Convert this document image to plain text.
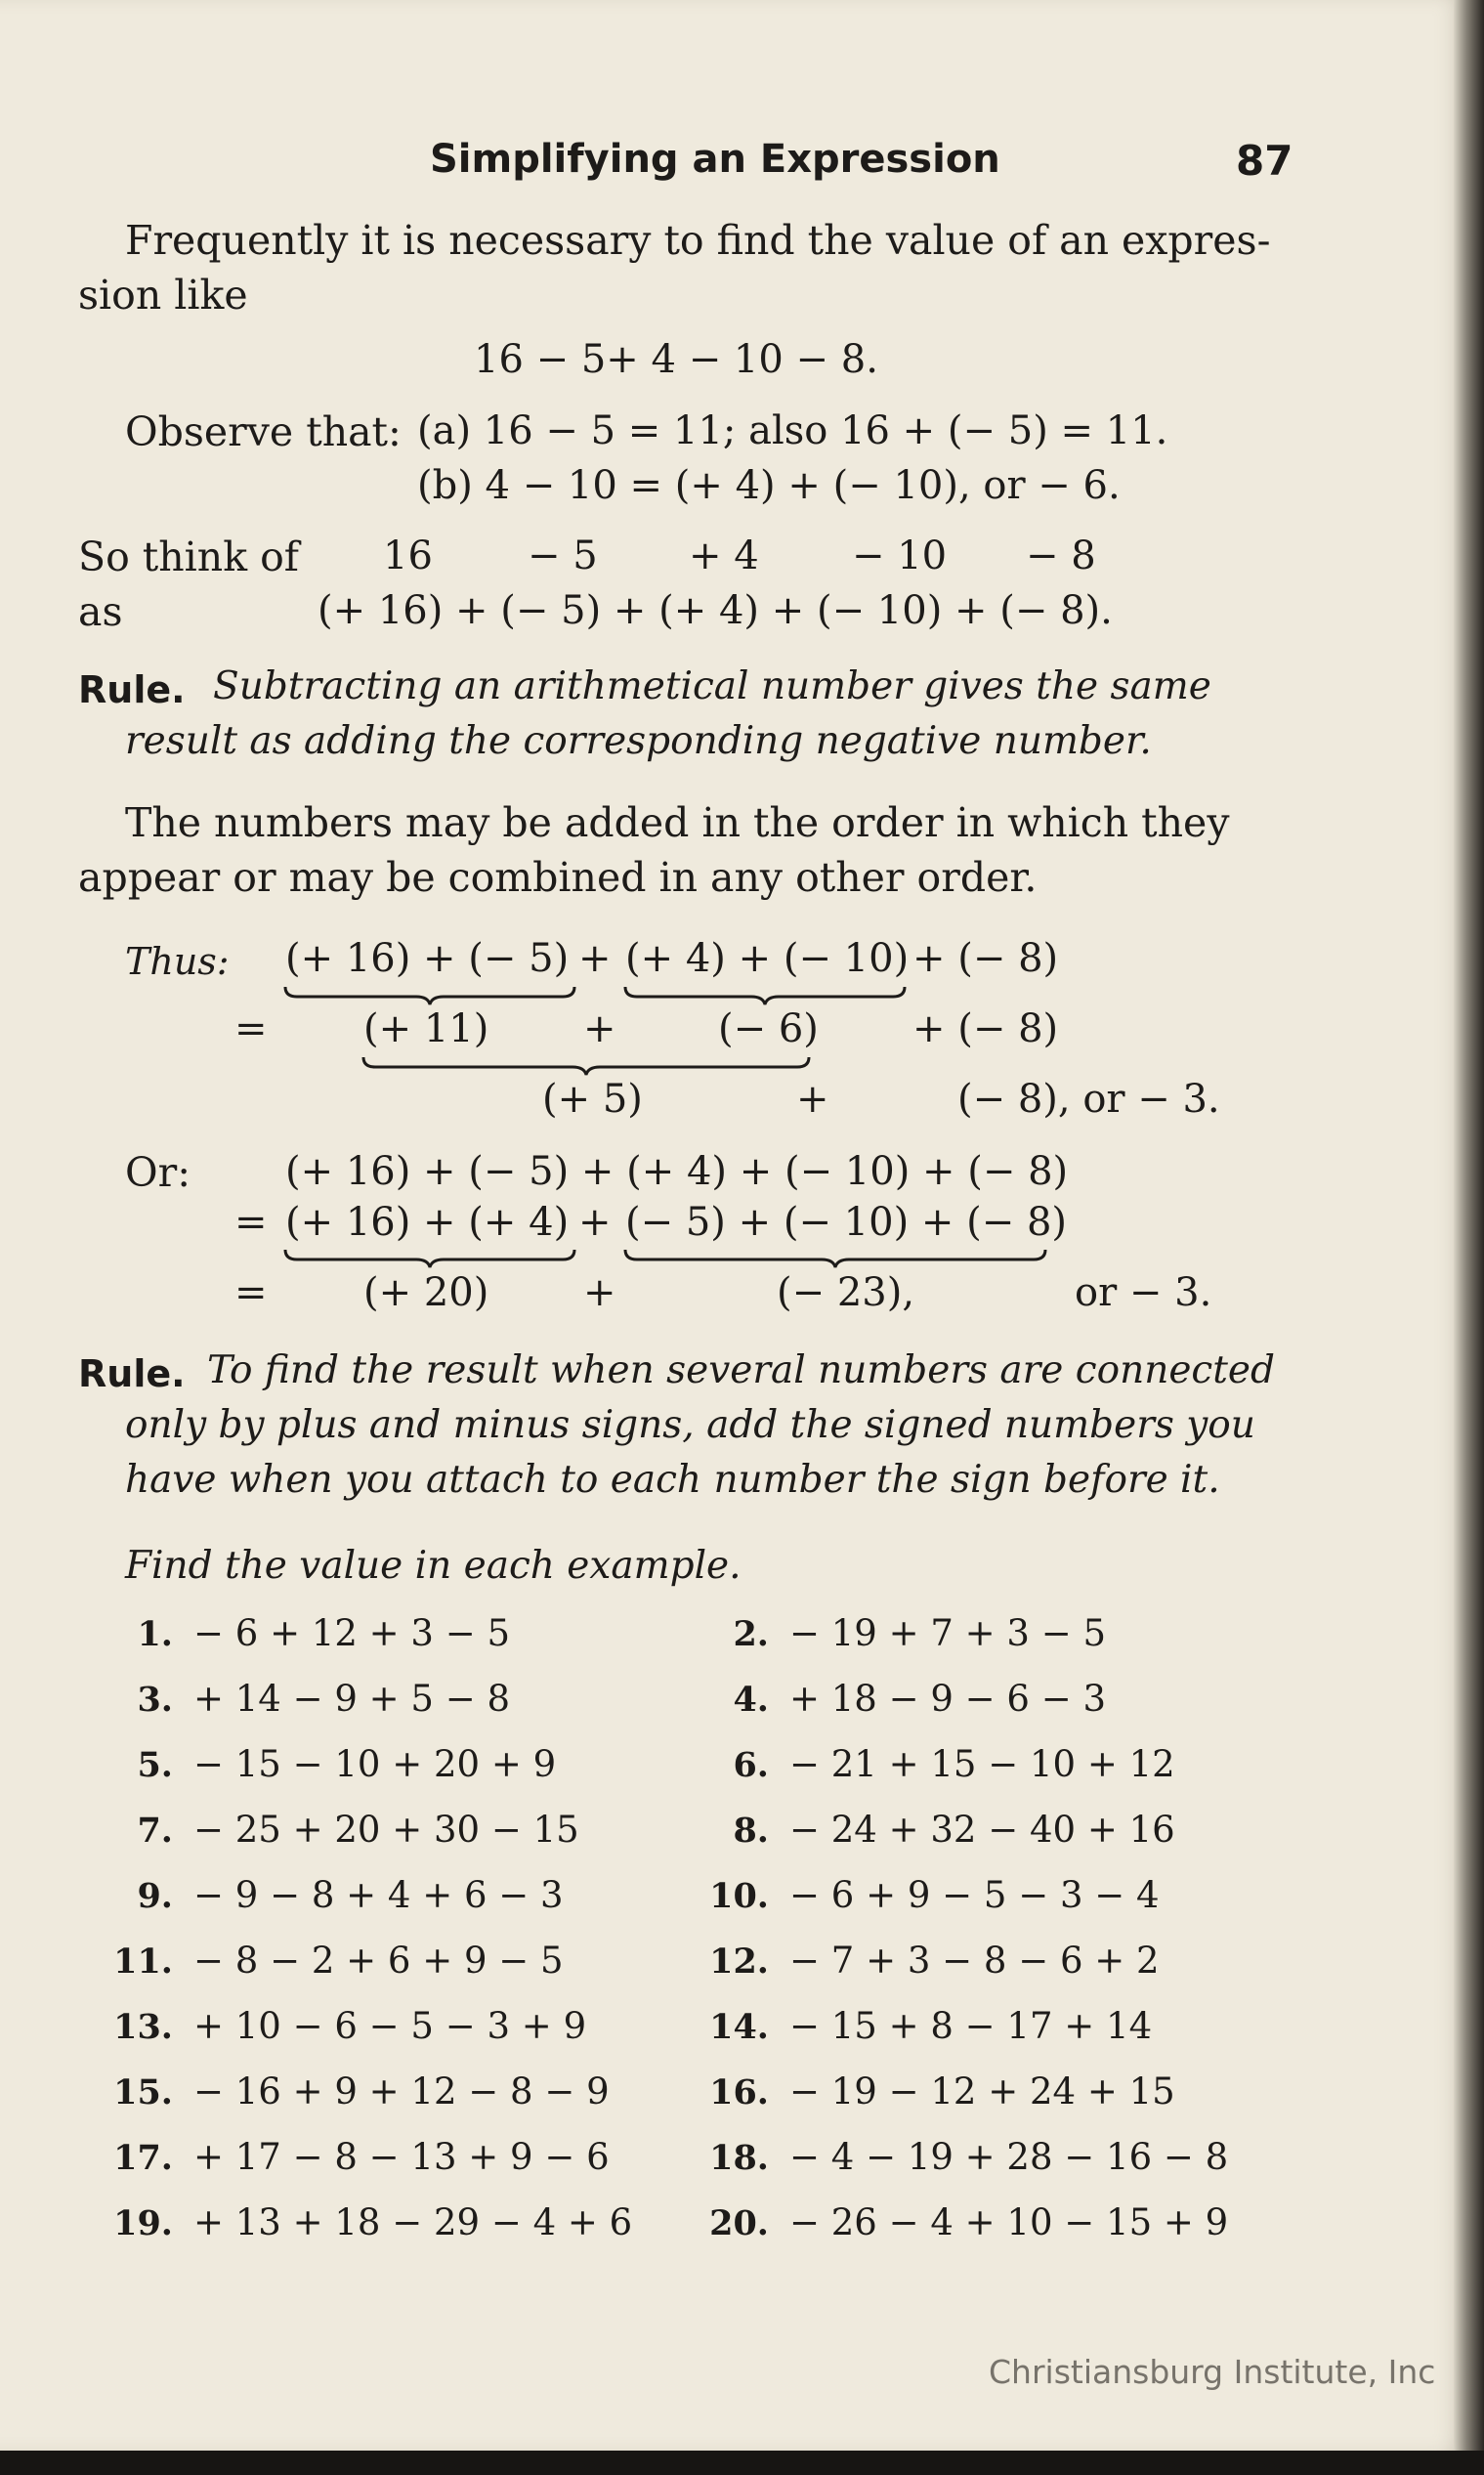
Simplifying an Expression	87
Frequently it is necessary to find the value of an expres-
sion like
16 − 5+ 4 − 10 − 8.
Observe that: (a) 16 − 5 = 11; also 16 + (− 5) = 11.
(b) 4 − 10 = (+ 4) + (− 10), or − 6.
So think of 16 − 5 + 4 − 10 − 8
as	(+ 16) + (− 5) + (+ 4) + (− 10) + (− 8).
Rule. Subtracting an arithmetical number gives the same
result as adding the corresponding negative number.
The numbers may be added in the order in which they
appear or may be combined in any other order.
Thus: (+ 16) + (− 5) + (+ 4) + (− 10) + (− 8)
= (+ 11) +	(− 6) + (− 8)
(+ 5)	+	(− 8), or − 3.
Or: (+ 16) + (− 5) + (+ 4) + (− 10) + (− 8)
= (+ 16) + (+ 4) + (− 5) + (− 10) + (− 8)
= (+ 20) +	(− 23),	or − 3.
Rule. To find the result when several numbers are connected
only by plus and minus signs, add the signed numbers you
have when you attach to each number the sign before it.
Find the value in each example.
1. − 6 + 12 + 3 − 5	2. − 19 + 7 + 3 − 5
3. + 14 − 9 + 5 − 8	4. + 18 − 9 − 6 − 3
5. − 15 − 10 + 20 + 9	6. − 21 + 15 − 10 + 12
7. − 25 + 20 + 30 − 15	8. − 24 + 32 − 40 + 16
9. − 9 − 8 + 4 + 6 − 3	10. − 6 + 9 − 5 − 3 − 4
11. − 8 − 2 + 6 + 9 − 5	12. − 7 + 3 − 8 − 6 + 2
13. + 10 − 6 − 5 − 3 + 9	14. − 15 + 8 − 17 + 14
15. − 16 + 9 + 12 − 8 − 9	16. − 19 − 12 + 24 + 15
17. + 17 − 8 − 13 + 9 − 6	18. − 4 − 19 + 28 − 16 − 8
19. + 13 + 18 − 29 − 4 + 6 20. − 26 − 4 + 10 − 15 + 9
Christiansburg Institute, Inc
